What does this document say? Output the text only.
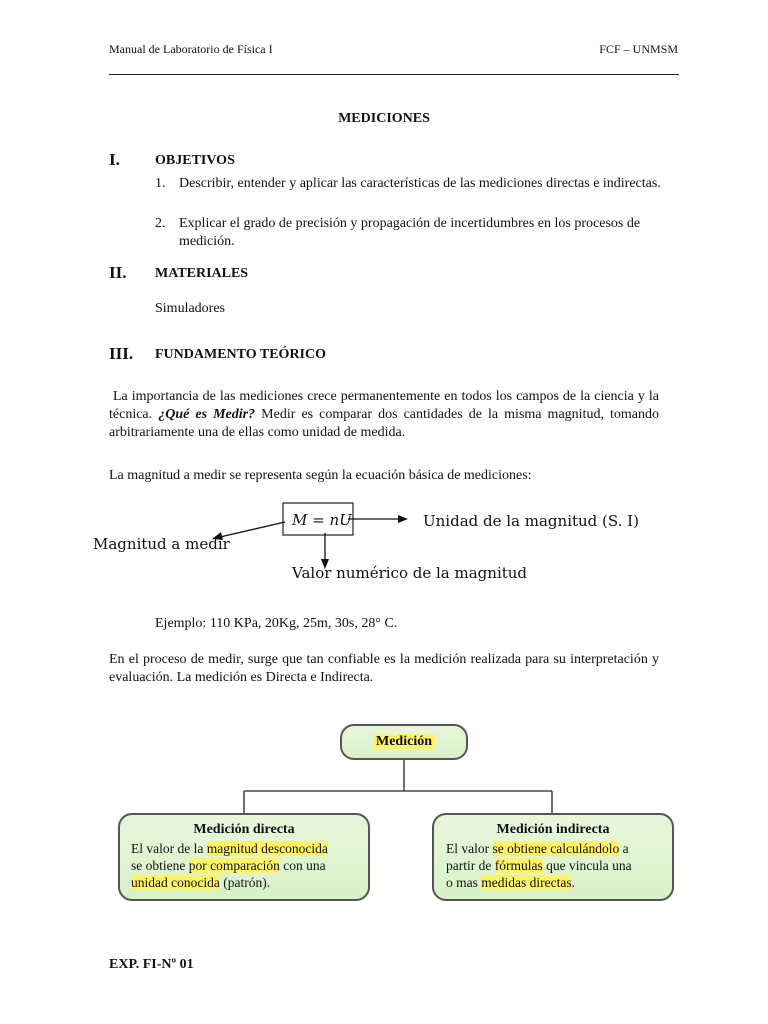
Manual de Laboratorio de Física I	FCF – UNMSM
MEDICIONES
I.	OBJETIVOS
1. Describir, entender y aplicar las características de las mediciones directas e indirectas.
2. Explicar el grado de precisión y propagación de incertidumbres en los procesos de medición.
II. MATERIALES
Simuladores
III. FUNDAMENTO TEÓRICO
La importancia de las mediciones crece permanentemente en todos los campos de la ciencia y la técnica. ¿Qué es Medir? Medir es comparar dos cantidades de la misma magnitud, tomando arbitrariamente una de ellas como unidad de medida.
La magnitud a medir se representa según la ecuación básica de mediciones:
M = nU	Unidad de la magnitud (S. I)
Magnitud a medir
Valor numérico de la magnitud
Ejemplo: 110 KPa, 20Kg, 25m, 30s, 28° C.
En el proceso de medir, surge que tan confiable es la medición realizada para su interpretación y evaluación. La medición es Directa e Indirecta.
Medición
Medición directa
El valor de la magnitud desconocida
se obtiene por comparación con una
unidad conocida (patrón).
Medición indirecta
El valor se obtiene calculándolo a
partir de fórmulas que vincula una
o mas medidas directas.
EXP. FI-Nº 01
